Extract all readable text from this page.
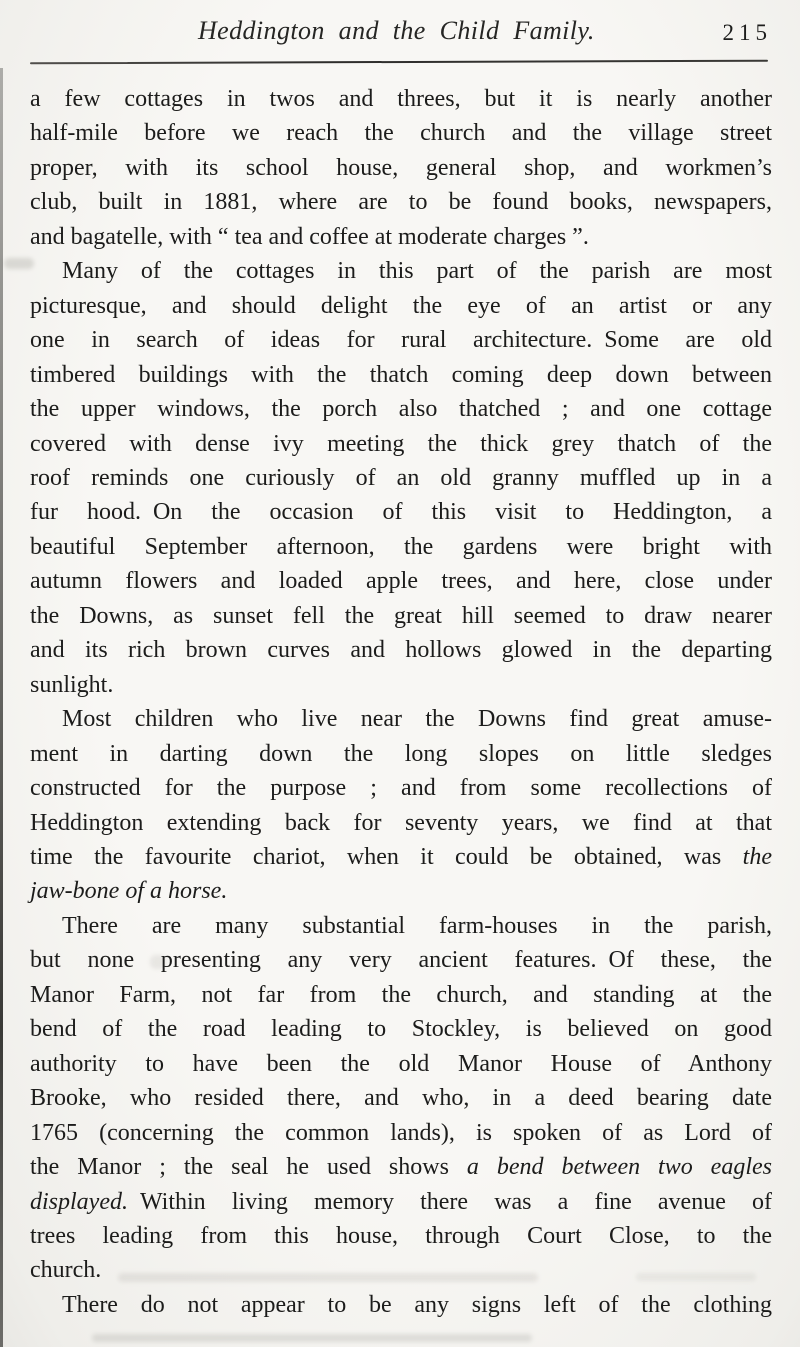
Heddington and the Child Family.	215
a few cottages in twos and threes, but it is nearly another
half-mile before we reach the church and the village street
proper, with its school house, general shop, and workmen’s
club, built in 1881, where are to be found books, newspapers,
and bagatelle, with “ tea and coffee at moderate charges ”.
Many of the cottages in this part of the parish are most
picturesque, and should delight the eye of an artist or any
one in search of ideas for rural architecture. Some are old
timbered buildings with the thatch coming deep down between
the upper windows, the porch also thatched ; and one cottage
covered with dense ivy meeting the thick grey thatch of the
roof reminds one curiously of an old granny muffled up in a
fur hood. On the occasion of this visit to Heddington, a
beautiful September afternoon, the gardens were bright with
autumn flowers and loaded apple trees, and here, close under
the Downs, as sunset fell the great hill seemed to draw nearer
and its rich brown curves and hollows glowed in the departing
sunlight.
Most children who live near the Downs find great amuse-
ment in darting down the long slopes on little sledges
constructed for the purpose ; and from some recollections of
Heddington extending back for seventy years, we find at that
time the favourite chariot, when it could be obtained, was the
jaw-bone of a horse.
There are many substantial farm-houses in the parish,
but none presenting any very ancient features. Of these, the
Manor Farm, not far from the church, and standing at the
bend of the road leading to Stockley, is believed on good
authority to have been the old Manor House of Anthony
Brooke, who resided there, and who, in a deed bearing date
1765 (concerning the common lands), is spoken of as Lord of
the Manor ; the seal he used shows a bend between two eagles
displayed. Within living memory there was a fine avenue of
trees leading from this house, through Court Close, to the
church.
There do not appear to be any signs left of the clothing
